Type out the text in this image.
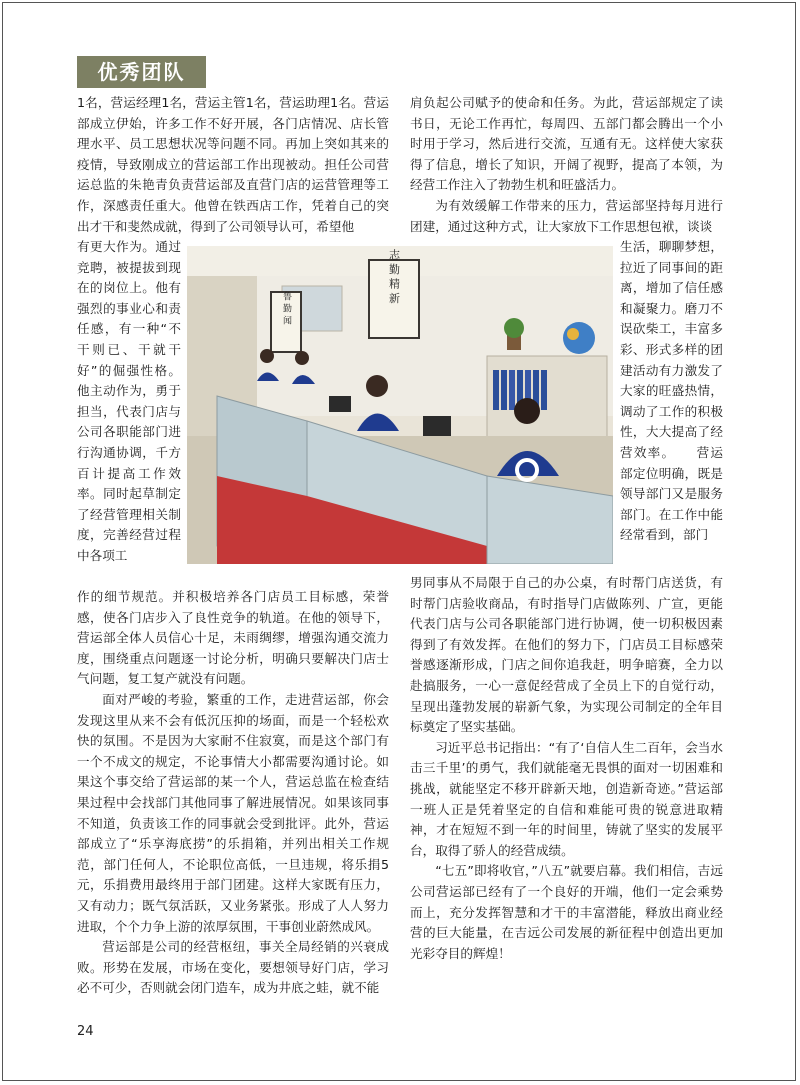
优秀团队

1名，营运经理1名，营运主管1名，营运助理1名。营运部成立伊始，许多工作不好开展，各门店情况、店长管理水平、员工思想状况等问题不同。再加上突如其来的疫情，导致刚成立的营运部工作出现被动。担任公司营运总监的朱艳青负责营运部及直营门店的运营管理等工作，深感责任重大。他曾在铁西店工作，凭着自己的突出才干和斐然成就，得到了公司领导认可，希望他

有更大作为。通过竞聘，被提拔到现在的岗位上。他有强烈的事业心和责任感，有一种“不干则已、干就干好”的倔强性格。他主动作为，勇于担当，代表门店与公司各职能部门进行沟通协调，千方百计提高工作效率。同时起草制定了经营管理相关制度，完善经营过程中各项工

作的细节规范。并积极培养各门店员工目标感，荣誉感，使各门店步入了良性竞争的轨道。在他的领导下，营运部全体人员信心十足，未雨绸缪，增强沟通交流力度，围绕重点问题逐一讨论分析，明确只要解决门店士气问题，复工复产就没有问题。

面对严峻的考验，繁重的工作，走进营运部，你会发现这里从来不会有低沉压抑的场面，而是一个轻松欢快的氛围。不是因为大家耐不住寂寞，而是这个部门有一个不成文的规定，不论事情大小都需要沟通讨论。如果这个事交给了营运部的某一个人，营运总监在检查结果过程中会找部门其他同事了解进展情况。如果该同事不知道，负责该工作的同事就会受到批评。此外，营运部成立了“乐享海底捞”的乐捐箱，并列出相关工作规范，部门任何人，不论职位高低，一旦违规，将乐捐5元，乐捐费用最终用于部门团建。这样大家既有压力，又有动力；既气氛活跃，又业务紧张。形成了人人努力进取，个个力争上游的浓厚氛围，干事创业蔚然成风。

营运部是公司的经营枢纽，事关全局经销的兴衰成败。形势在发展，市场在变化，要想领导好门店，学习必不可少，否则就会闭门造车，成为井底之蛙，就不能

肩负起公司赋予的使命和任务。为此，营运部规定了读书日，无论工作再忙，每周四、五部门都会腾出一个小时用于学习，然后进行交流，互通有无。这样使大家获得了信息，增长了知识，开阔了视野，提高了本领，为经营工作注入了勃勃生机和旺盛活力。

为有效缓解工作带来的压力，营运部坚持每月进行团建，通过这种方式，让大家放下工作思想包袱，谈谈

生活，聊聊梦想，拉近了同事间的距离，增加了信任感和凝聚力。磨刀不误砍柴工，丰富多彩、形式多样的团建活动有力激发了大家的旺盛热情，调动了工作的积极性，大大提高了经营效率。　　营运部定位明确，既是领导部门又是服务部门。在工作中能经常看到，部门

男同事从不局限于自己的办公桌，有时帮门店送货，有时帮门店验收商品，有时指导门店做陈列、广宣，更能代表门店与公司各职能部门进行协调，使一切积极因素得到了有效发挥。在他们的努力下，门店员工目标感荣誉感逐渐形成，门店之间你追我赶，明争暗赛，全力以赴搞服务，一心一意促经营成了全员上下的自觉行动，呈现出蓬勃发展的崭新气象，为实现公司制定的全年目标奠定了坚实基础。

习近平总书记指出：“有了‘自信人生二百年，会当水击三千里’的勇气，我们就能毫无畏惧的面对一切困难和挑战，就能坚定不移开辟新天地，创造新奇迹。”营运部一班人正是凭着坚定的自信和难能可贵的锐意进取精神，才在短短不到一年的时间里，铸就了坚实的发展平台，取得了骄人的经营成绩。

“七五”即将收官，”八五”就要启幕。我们相信，吉远公司营运部已经有了一个良好的开端，他们一定会乘势而上，充分发挥智慧和才干的丰富潜能，释放出商业经营的巨大能量，在吉远公司发展的新征程中创造出更加光彩夺目的辉煌！

鲁 勤 闻
志 勤 精 新
24
